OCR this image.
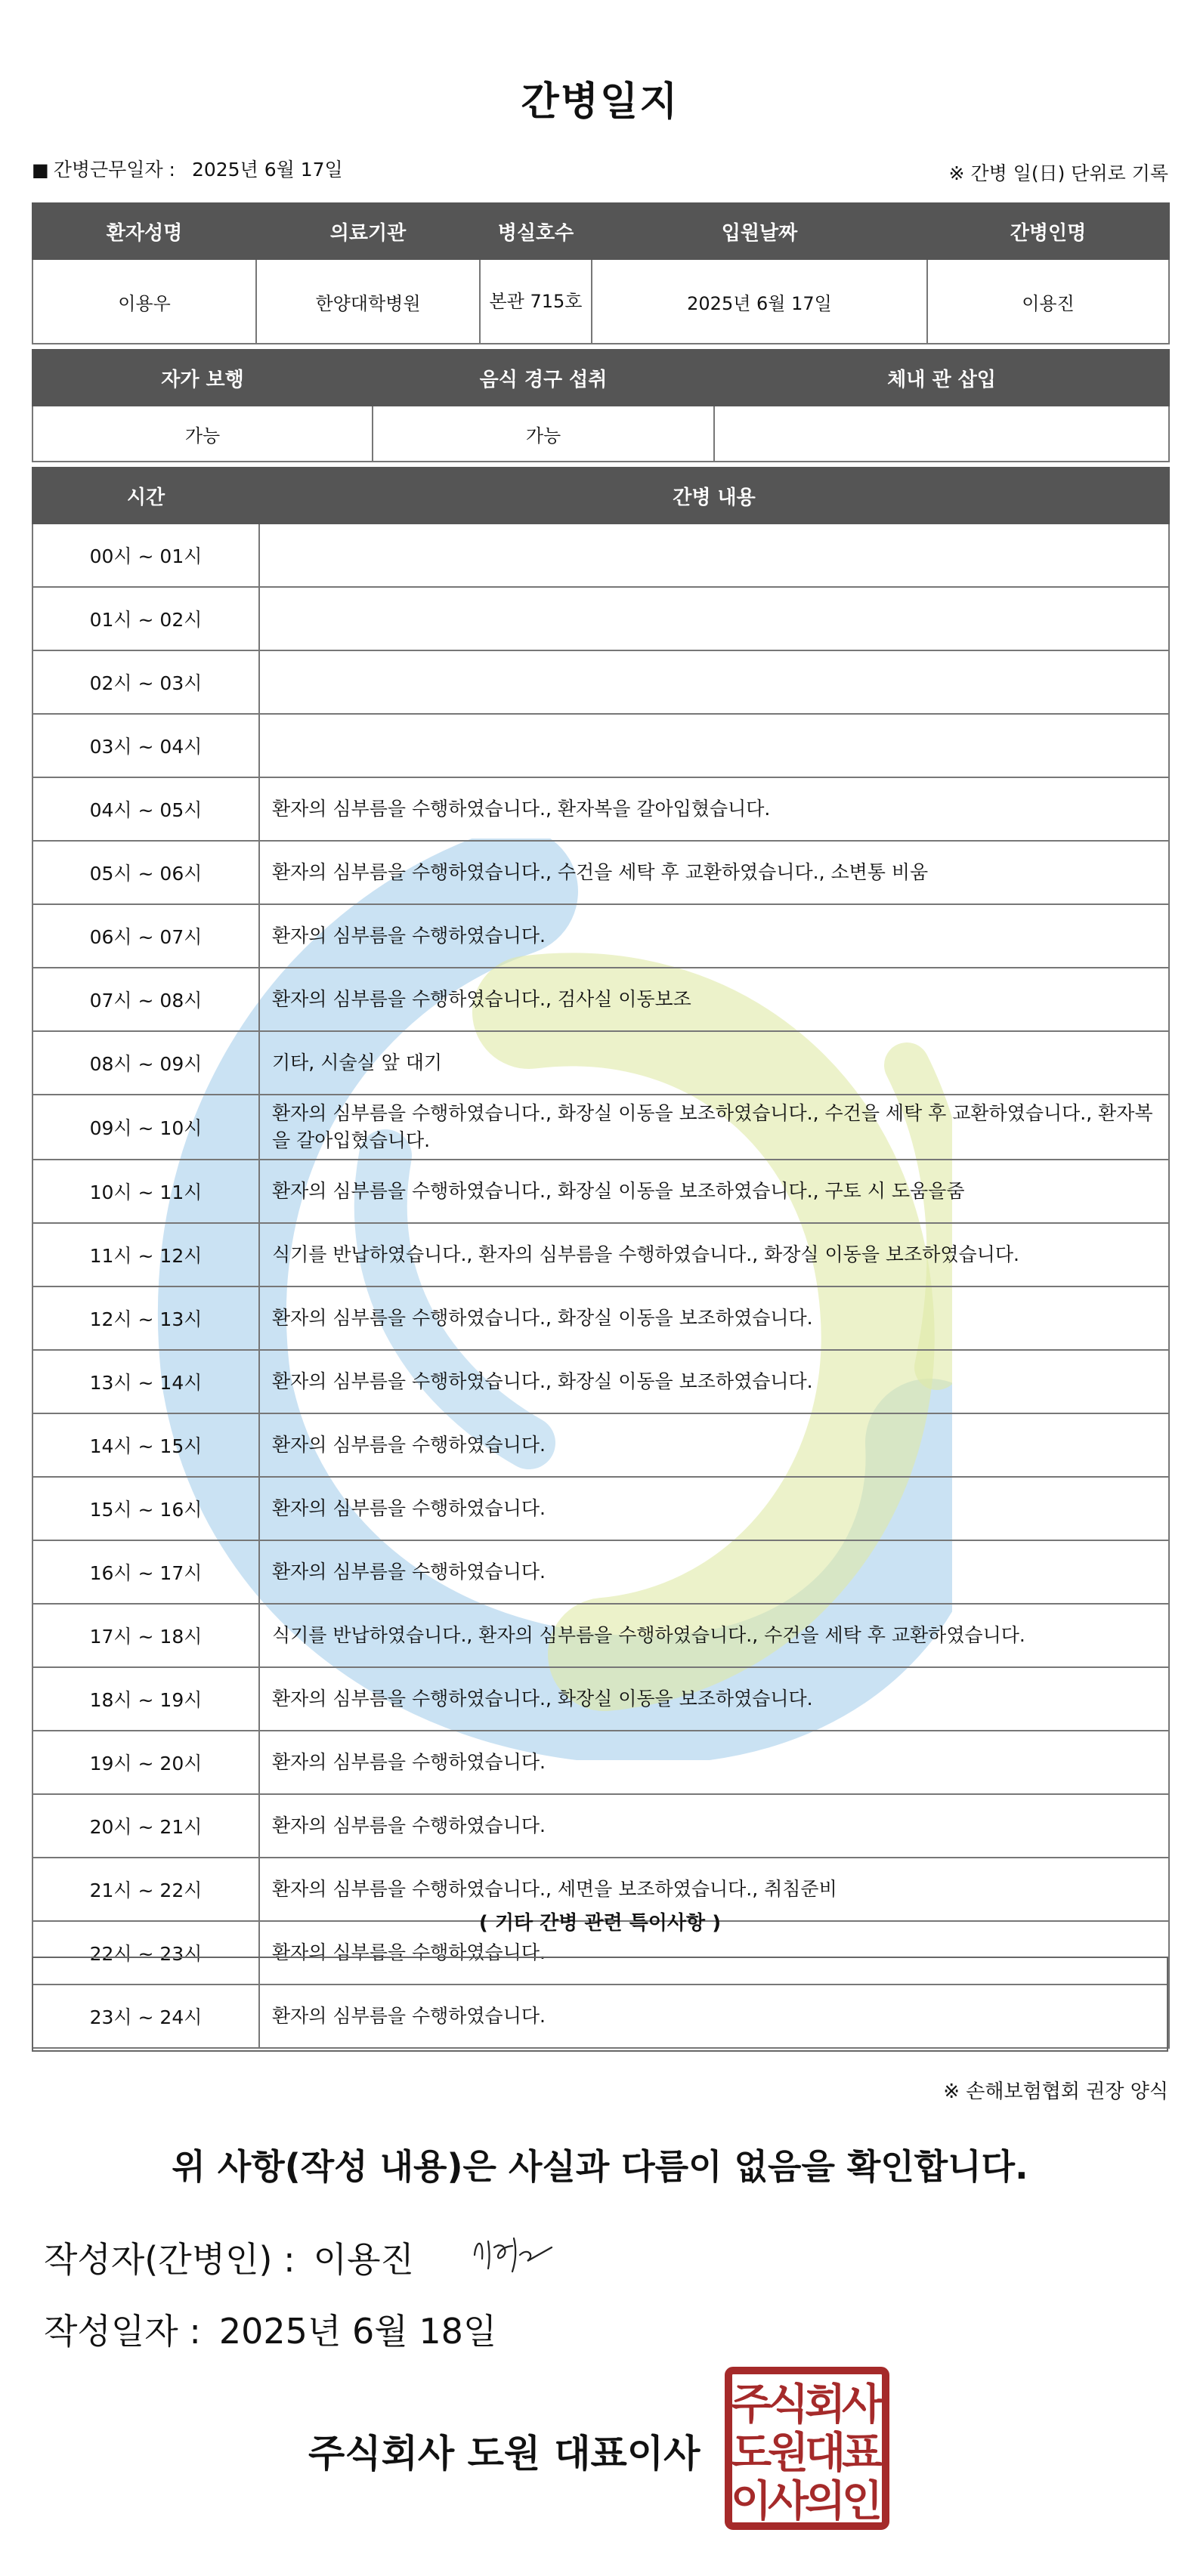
간병일지
■ 간병근무일자 : 2025년 6월 17일	※ 간병 일(日) 단위로 기록
환자성명	의료기관	병실호수	입원날짜	간병인명
이용우	한양대학병원	본관 715호	2025년 6월 17일	이용진
자가 보행	음식 경구 섭취	체내 관 삽입
가능	가능	
시간	간병 내용
00시 ~ 01시	
01시 ~ 02시	
02시 ~ 03시	
03시 ~ 04시	
04시 ~ 05시	환자의 심부름을 수행하였습니다., 환자복을 갈아입혔습니다.
05시 ~ 06시	환자의 심부름을 수행하였습니다., 수건을 세탁 후 교환하였습니다., 소변통 비움
06시 ~ 07시	환자의 심부름을 수행하였습니다.
07시 ~ 08시	환자의 심부름을 수행하였습니다., 검사실 이동보조
08시 ~ 09시	기타, 시술실 앞 대기
09시 ~ 10시	환자의 심부름을 수행하였습니다., 화장실 이동을 보조하였습니다., 수건을 세탁 후 교환하였습니다., 환자복을 갈아입혔습니다.
10시 ~ 11시	환자의 심부름을 수행하였습니다., 화장실 이동을 보조하였습니다., 구토 시 도움을줌
11시 ~ 12시	식기를 반납하였습니다., 환자의 심부름을 수행하였습니다., 화장실 이동을 보조하였습니다.
12시 ~ 13시	환자의 심부름을 수행하였습니다., 화장실 이동을 보조하였습니다.
13시 ~ 14시	환자의 심부름을 수행하였습니다., 화장실 이동을 보조하였습니다.
14시 ~ 15시	환자의 심부름을 수행하였습니다.
15시 ~ 16시	환자의 심부름을 수행하였습니다.
16시 ~ 17시	환자의 심부름을 수행하였습니다.
17시 ~ 18시	식기를 반납하였습니다., 환자의 심부름을 수행하였습니다., 수건을 세탁 후 교환하였습니다.
18시 ~ 19시	환자의 심부름을 수행하였습니다., 화장실 이동을 보조하였습니다.
19시 ~ 20시	환자의 심부름을 수행하였습니다.
20시 ~ 21시	환자의 심부름을 수행하였습니다.
21시 ~ 22시	환자의 심부름을 수행하였습니다., 세면을 보조하였습니다., 취침준비
22시 ~ 23시	환자의 심부름을 수행하였습니다.
23시 ~ 24시	환자의 심부름을 수행하였습니다.
( 기타 간병 관련 특이사항 )
※ 손해보험협회 권장 양식
위 사항(작성 내용)은 사실과 다름이 없음을 확인합니다.
작성자(간병인) : 이용진
작성일자 : 2025년 6월 18일
주식회사 도원 대표이사
주
식
회
사
도
원
대
표
이
사
의
인
